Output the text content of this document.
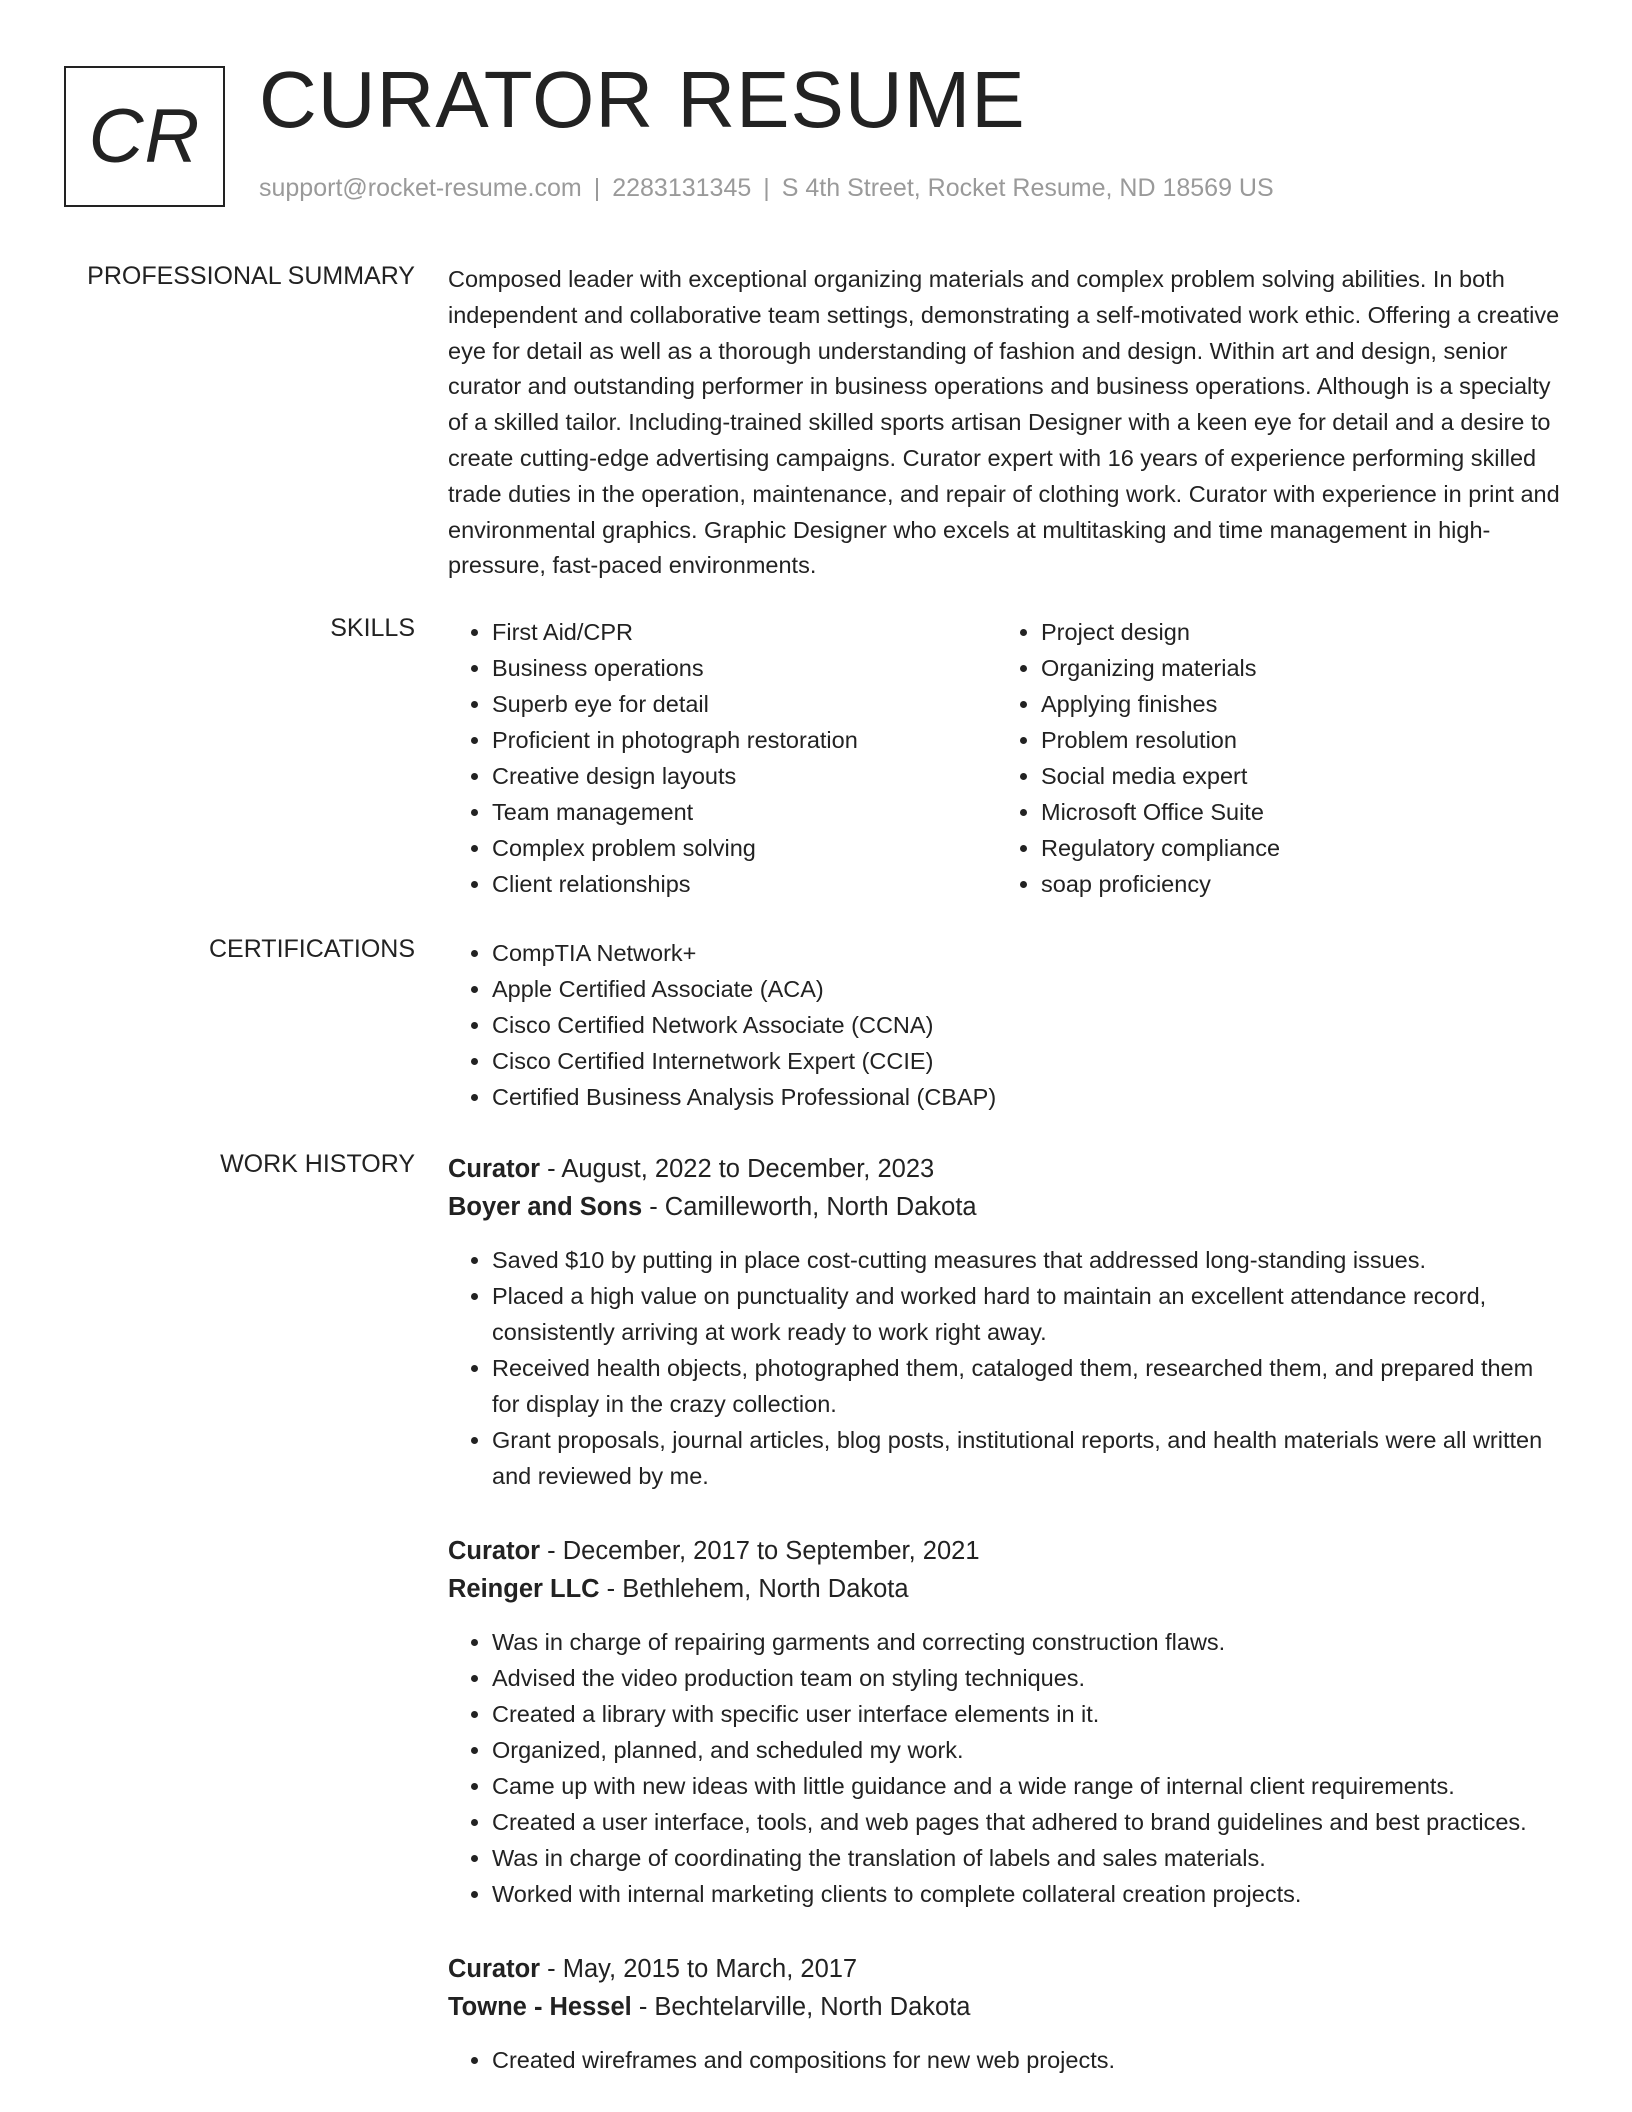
CR CURATOR RESUME
support@rocket-resume.com | 2283131345 | S 4th Street, Rocket Resume, ND 18569 US
PROFESSIONAL SUMMARY Composed leader with exceptional organizing materials and complex problem solving abilities. In both independent and collaborative team settings, demonstrating a self-motivated work ethic. Offering a creative eye for detail as well as a thorough understanding of fashion and design. Within art and design, senior curator and outstanding performer in business operations and business operations. Although is a specialty of a skilled tailor. Including-trained skilled sports artisan Designer with a keen eye for detail and a desire to create cutting-edge advertising campaigns. Curator expert with 16 years of experience performing skilled trade duties in the operation, maintenance, and repair of clothing work. Curator with experience in print and environmental graphics. Graphic Designer who excels at multitasking and time management in high-pressure, fast-paced environments.
SKILLS	• First Aid/CPR
• Business operations
• Superb eye for detail
• Proficient in photograph restoration
• Creative design layouts
• Team management
• Complex problem solving
• Client relationships
• Project design
• Organizing materials
• Applying finishes
• Problem resolution
• Social media expert
• Microsoft Office Suite
• Regulatory compliance
• soap proficiency
CERTIFICATIONS	• CompTIA Network+
• Apple Certified Associate (ACA)
• Cisco Certified Network Associate (CCNA)
• Cisco Certified Internetwork Expert (CCIE)
• Certified Business Analysis Professional (CBAP)
WORK HISTORY Curator - August, 2022 to December, 2023
Boyer and Sons - Camilleworth, North Dakota
• Saved $10 by putting in place cost-cutting measures that addressed long-standing issues.
• Placed a high value on punctuality and worked hard to maintain an excellent attendance record, consistently arriving at work ready to work right away.
• Received health objects, photographed them, cataloged them, researched them, and prepared them for display in the crazy collection.
• Grant proposals, journal articles, blog posts, institutional reports, and health materials were all written and reviewed by me.
Curator - December, 2017 to September, 2021
Reinger LLC - Bethlehem, North Dakota
• Was in charge of repairing garments and correcting construction flaws.
• Advised the video production team on styling techniques.
• Created a library with specific user interface elements in it.
• Organized, planned, and scheduled my work.
• Came up with new ideas with little guidance and a wide range of internal client requirements.
• Created a user interface, tools, and web pages that adhered to brand guidelines and best practices.
• Was in charge of coordinating the translation of labels and sales materials.
• Worked with internal marketing clients to complete collateral creation projects.
Curator - May, 2015 to March, 2017
Towne - Hessel - Bechtelarville, North Dakota
• Created wireframes and compositions for new web projects.
